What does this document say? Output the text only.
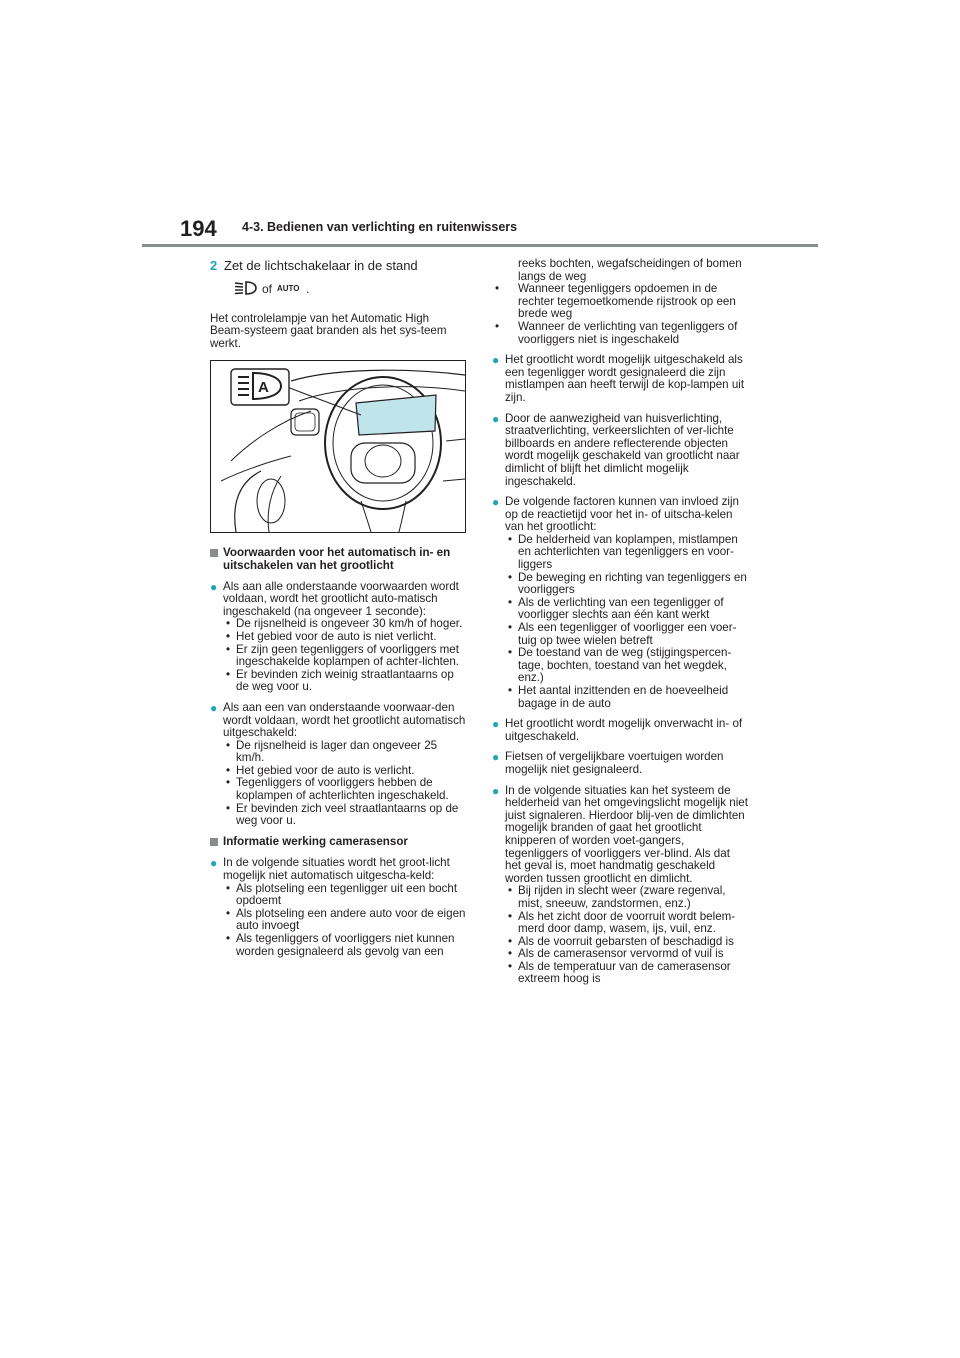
194 4-3. Bedienen van verlichting en ruitenwissers
2 Zet de lichtschakelaar in de stand
of AUTO .

Het controlelampje van het Automatic High Beam-systeem gaat branden als het sys-teem werkt.

A
Voorwaarden voor het automatisch in- en uitschakelen van het grootlicht
●
Als aan alle onderstaande voorwaarden wordt voldaan, wordt het grootlicht auto-matisch ingeschakeld (na ongeveer 1 seconde):
• De rijsnelheid is ongeveer 30 km/h of hoger.
• Het gebied voor de auto is niet verlicht.
• Er zijn geen tegenliggers of voorliggers met ingeschakelde koplampen of achter-lichten.
• Er bevinden zich weinig straatlantaarns op de weg voor u.
●
Als aan een van onderstaande voorwaar-den wordt voldaan, wordt het grootlicht automatisch uitgeschakeld:
• De rijsnelheid is lager dan ongeveer 25 km/h.
• Het gebied voor de auto is verlicht.
• Tegenliggers of voorliggers hebben de koplampen of achterlichten ingeschakeld.
• Er bevinden zich veel straatlantaarns op de weg voor u.
Informatie werking camerasensor
●
In de volgende situaties wordt het groot-licht mogelijk niet automatisch uitgescha-keld:
• Als plotseling een tegenligger uit een bocht opdoemt
• Als plotseling een andere auto voor de eigen auto invoegt
• Als tegenliggers of voorliggers niet kunnen worden gesignaleerd als gevolg van een
reeks bochten, wegafscheidingen of bomen langs de weg
• Wanneer tegenliggers opdoemen in de rechter tegemoetkomende rijstrook op een brede weg
• Wanneer de verlichting van tegenliggers of voorliggers niet is ingeschakeld
●
Het grootlicht wordt mogelijk uitgeschakeld als een tegenligger wordt gesignaleerd die zijn mistlampen aan heeft terwijl de kop-lampen uit zijn.
●
Door de aanwezigheid van huisverlichting, straatverlichting, verkeerslichten of ver-lichte billboards en andere reflecterende objecten wordt mogelijk geschakeld van grootlicht naar dimlicht of blijft het dimlicht mogelijk ingeschakeld.
●
De volgende factoren kunnen van invloed zijn op de reactietijd voor het in- of uitscha-kelen van het grootlicht:
• De helderheid van koplampen, mistlampen en achterlichten van tegenliggers en voor-liggers
• De beweging en richting van tegenliggers en voorliggers
• Als de verlichting van een tegenligger of voorligger slechts aan één kant werkt
• Als een tegenligger of voorligger een voer-tuig op twee wielen betreft
• De toestand van de weg (stijgingspercen-tage, bochten, toestand van het wegdek, enz.)
• Het aantal inzittenden en de hoeveelheid bagage in de auto
●
Het grootlicht wordt mogelijk onverwacht in- of uitgeschakeld.
●
Fietsen of vergelijkbare voertuigen worden mogelijk niet gesignaleerd.
●
In de volgende situaties kan het systeem de helderheid van het omgevingslicht mogelijk niet juist signaleren. Hierdoor blij-ven de dimlichten mogelijk branden of gaat het grootlicht knipperen of worden voet-gangers, tegenliggers of voorliggers ver-blind. Als dat het geval is, moet handmatig geschakeld worden tussen grootlicht en dimlicht.
• Bij rijden in slecht weer (zware regenval, mist, sneeuw, zandstormen, enz.)
• Als het zicht door de voorruit wordt belem-merd door damp, wasem, ijs, vuil, enz.
• Als de voorruit gebarsten of beschadigd is
• Als de camerasensor vervormd of vuil is
• Als de temperatuur van de camerasensor extreem hoog is
